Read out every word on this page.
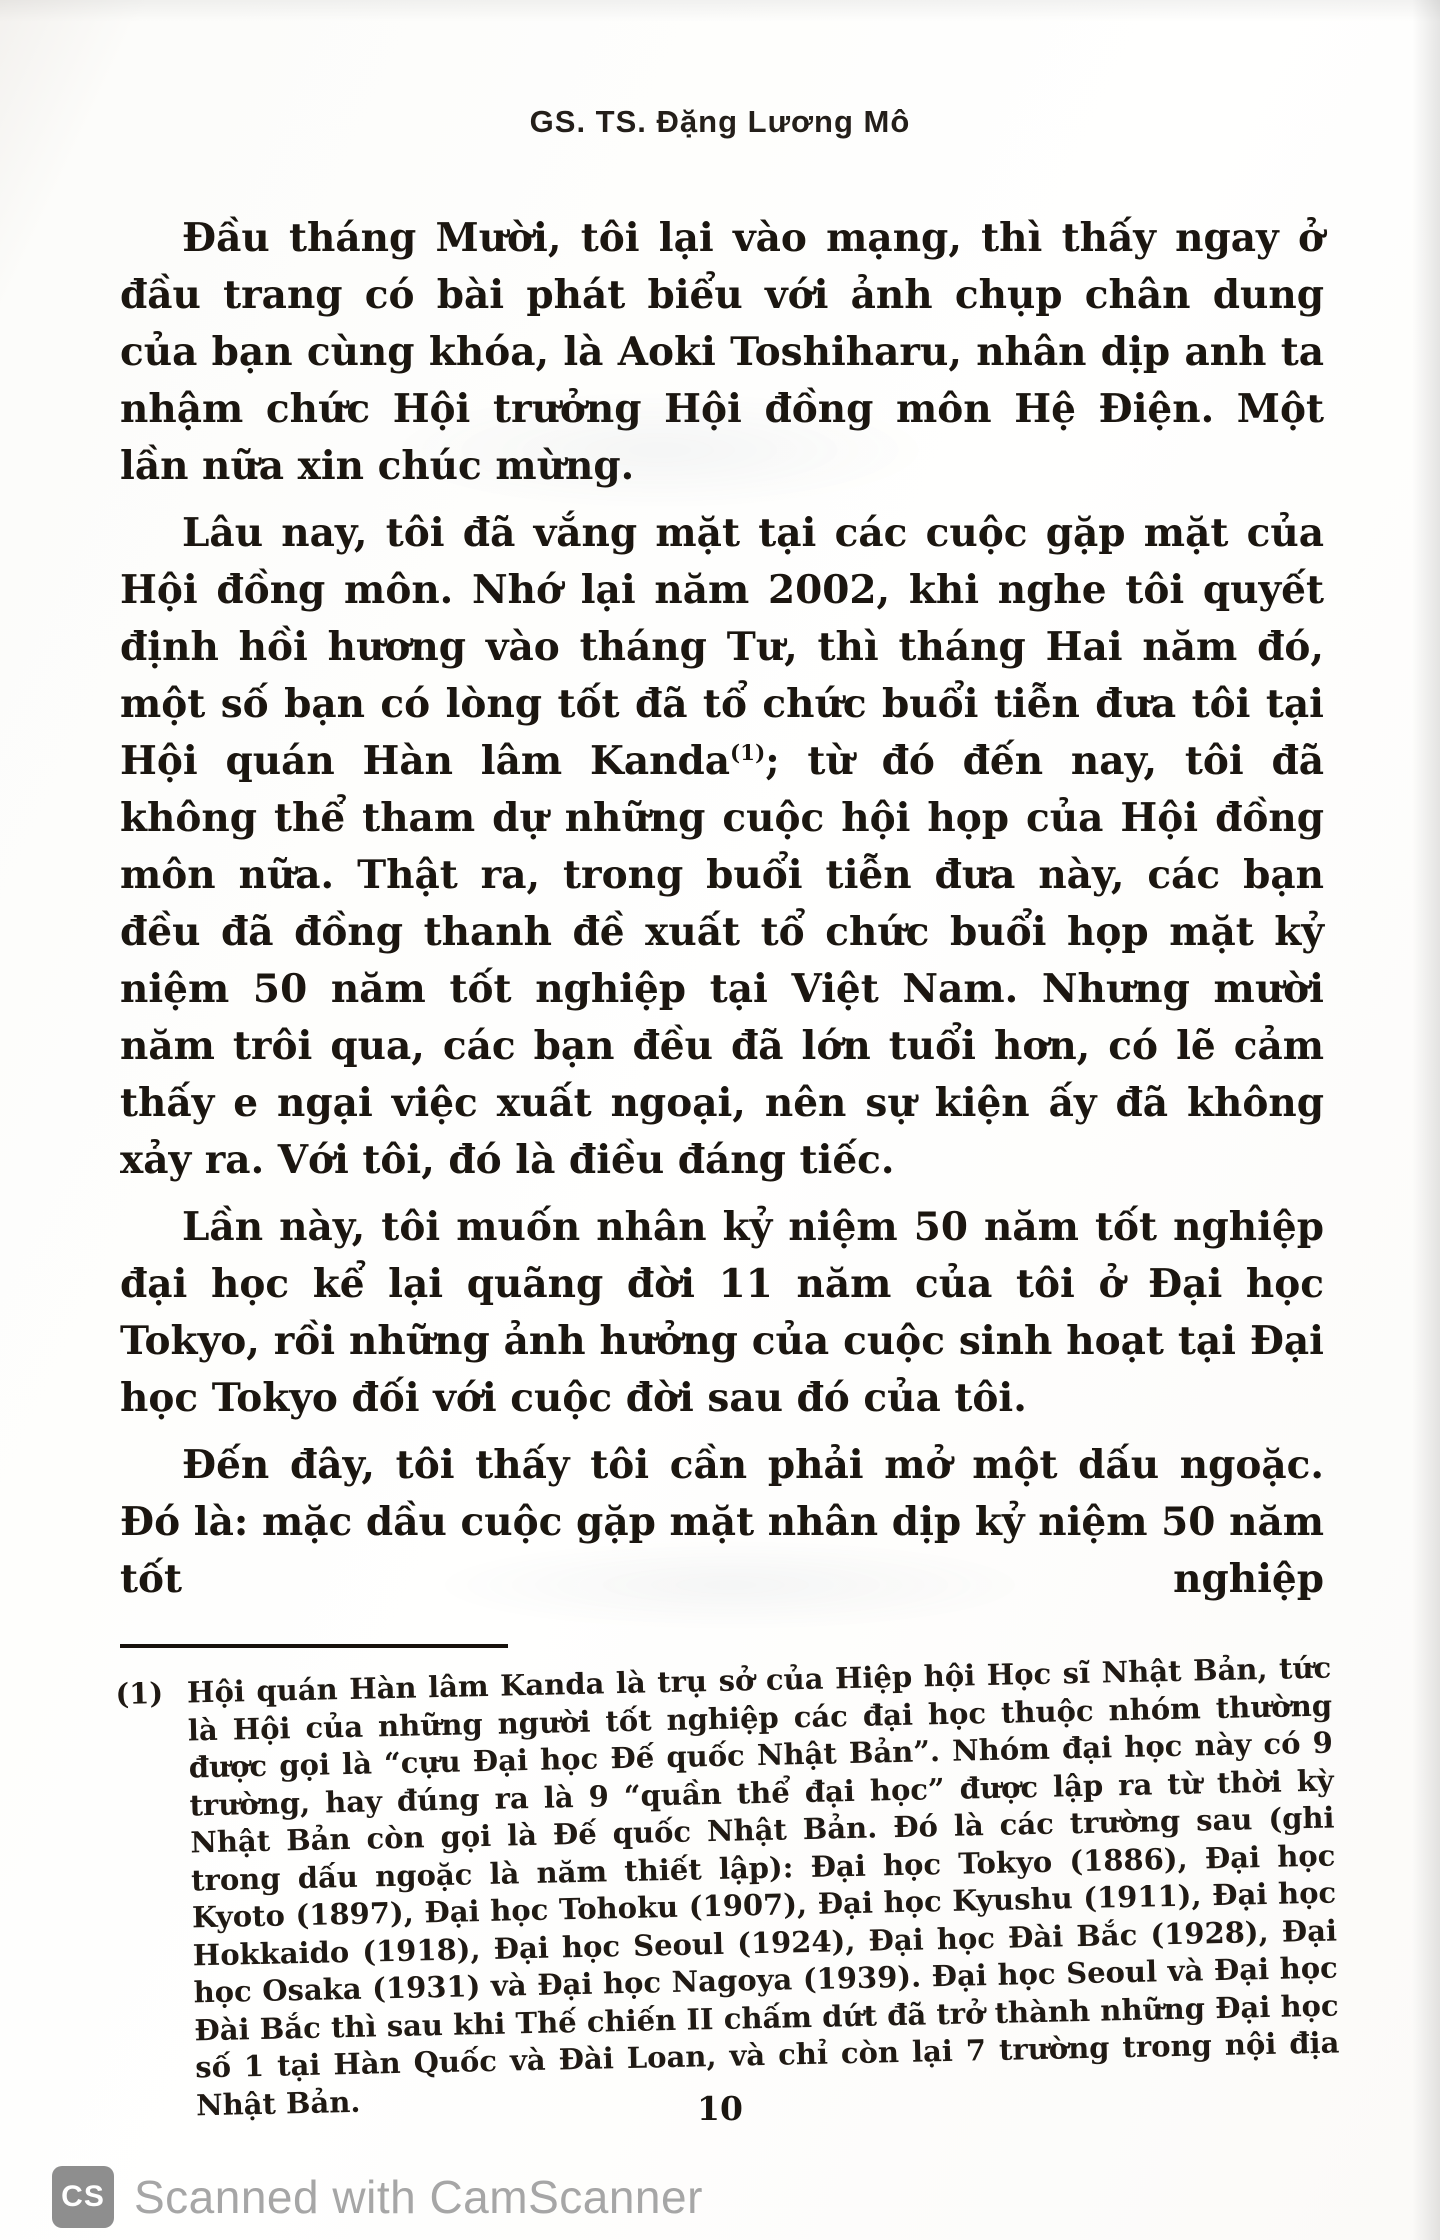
GS. TS. Đặng Lương Mô

Đầu tháng Mười, tôi lại vào mạng, thì thấy ngay ở đầu trang có bài phát biểu với ảnh chụp chân dung của bạn cùng khóa, là Aoki Toshiharu, nhân dịp anh ta nhậm chức Hội trưởng Hội đồng môn Hệ Điện. Một lần nữa xin chúc mừng.

Lâu nay, tôi đã vắng mặt tại các cuộc gặp mặt của Hội đồng môn. Nhớ lại năm 2002, khi nghe tôi quyết định hồi hương vào tháng Tư, thì tháng Hai năm đó, một số bạn có lòng tốt đã tổ chức buổi tiễn đưa tôi tại Hội quán Hàn lâm Kanda$^{(1)}$; từ đó đến nay, tôi đã không thể tham dự những cuộc hội họp của Hội đồng môn nữa. Thật ra, trong buổi tiễn đưa này, các bạn đều đã đồng thanh đề xuất tổ chức buổi họp mặt kỷ niệm 50 năm tốt nghiệp tại Việt Nam. Nhưng mười năm trôi qua, các bạn đều đã lớn tuổi hơn, có lẽ cảm thấy e ngại việc xuất ngoại, nên sự kiện ấy đã không xảy ra. Với tôi, đó là điều đáng tiếc.

Lần này, tôi muốn nhân kỷ niệm 50 năm tốt nghiệp đại học kể lại quãng đời 11 năm của tôi ở Đại học Tokyo, rồi những ảnh hưởng của cuộc sinh hoạt tại Đại học Tokyo đối với cuộc đời sau đó của tôi.

Đến đây, tôi thấy tôi cần phải mở một dấu ngoặc. Đó là: mặc dầu cuộc gặp mặt nhân dịp kỷ niệm 50 năm tốt nghiệp

(1) Hội quán Hàn lâm Kanda là trụ sở của Hiệp hội Học sĩ Nhật Bản, tức là Hội của những người tốt nghiệp các đại học thuộc nhóm thường được gọi là “cựu Đại học Đế quốc Nhật Bản”. Nhóm đại học này có 9 trường, hay đúng ra là 9 “quần thể đại học” được lập ra từ thời kỳ Nhật Bản còn gọi là Đế quốc Nhật Bản. Đó là các trường sau (ghi trong dấu ngoặc là năm thiết lập): Đại học Tokyo (1886), Đại học Kyoto (1897), Đại học Tohoku (1907), Đại học Kyushu (1911), Đại học Hokkaido (1918), Đại học Seoul (1924), Đại học Đài Bắc (1928), Đại học Osaka (1931) và Đại học Nagoya (1939). Đại học Seoul và Đại học Đài Bắc thì sau khi Thế chiến II chấm dứt đã trở thành những Đại học số 1 tại Hàn Quốc và Đài Loan, và chỉ còn lại 7 trường trong nội địa Nhật Bản.	10
CS Scanned with CamScanner
